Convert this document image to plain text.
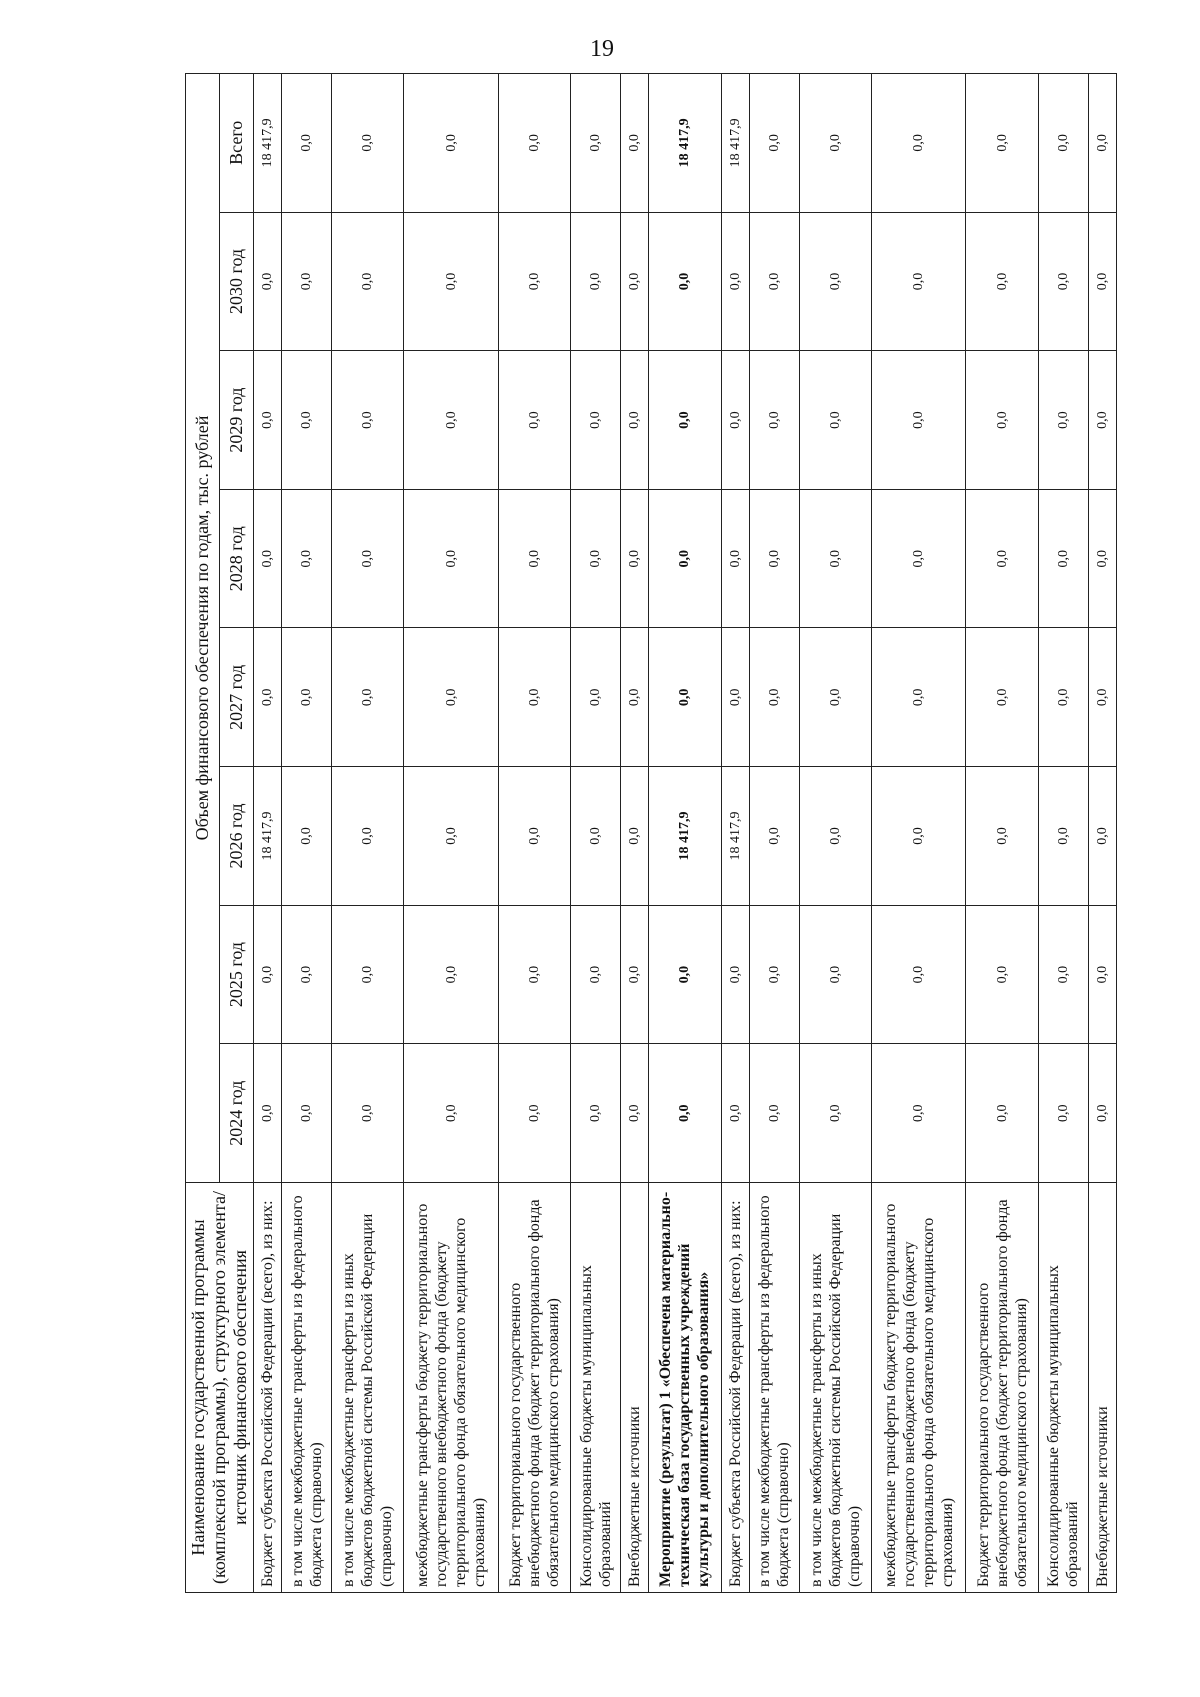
19
Наименование государственной программы (комплексной программы), структурного элемента/источник финансового обеспечения	Объем финансового обеспечения по годам, тыс. рублей							
	2024 год	2025 год	2026 год	2027 год	2028 год	2029 год	2030 год	Всего
Бюджет субъекта Российской Федерации (всего), из них:	0,0	0,0	18 417,9	0,0	0,0	0,0	0,0	18 417,9
в том числе межбюджетные трансферты из федерального бюджета (справочно)	0,0	0,0	0,0	0,0	0,0	0,0	0,0	0,0
в том числе межбюджетные трансферты из иных бюджетов бюджетной системы Российской Федерации (справочно)	0,0	0,0	0,0	0,0	0,0	0,0	0,0	0,0
межбюджетные трансферты бюджету территориального государственного внебюджетного фонда (бюджету территориального фонда обязательного медицинского страхования)	0,0	0,0	0,0	0,0	0,0	0,0	0,0	0,0
Бюджет территориального государственного внебюджетного фонда (бюджет территориального фонда обязательного медицинского страхования)	0,0	0,0	0,0	0,0	0,0	0,0	0,0	0,0
Консолидированные бюджеты муниципальных образований	0,0	0,0	0,0	0,0	0,0	0,0	0,0	0,0
Внебюджетные источники	0,0	0,0	0,0	0,0	0,0	0,0	0,0	0,0
Мероприятие (результат) 1 «Обеспечена материально-техническая база государственных учреждений культуры и дополнительного образования»	0,0	0,0	18 417,9	0,0	0,0	0,0	0,0	18 417,9
Бюджет субъекта Российской Федерации (всего), из них:	0,0	0,0	18 417,9	0,0	0,0	0,0	0,0	18 417,9
в том числе межбюджетные трансферты из федерального бюджета (справочно)	0,0	0,0	0,0	0,0	0,0	0,0	0,0	0,0
в том числе межбюджетные трансферты из иных бюджетов бюджетной системы Российской Федерации (справочно)	0,0	0,0	0,0	0,0	0,0	0,0	0,0	0,0
межбюджетные трансферты бюджету территориального государственного внебюджетного фонда (бюджету территориального фонда обязательного медицинского страхования)	0,0	0,0	0,0	0,0	0,0	0,0	0,0	0,0
Бюджет территориального государственного внебюджетного фонда (бюджет территориального фонда обязательного медицинского страхования)	0,0	0,0	0,0	0,0	0,0	0,0	0,0	0,0
Консолидированные бюджеты муниципальных образований	0,0	0,0	0,0	0,0	0,0	0,0	0,0	0,0
Внебюджетные источники	0,0	0,0	0,0	0,0	0,0	0,0	0,0	0,0
